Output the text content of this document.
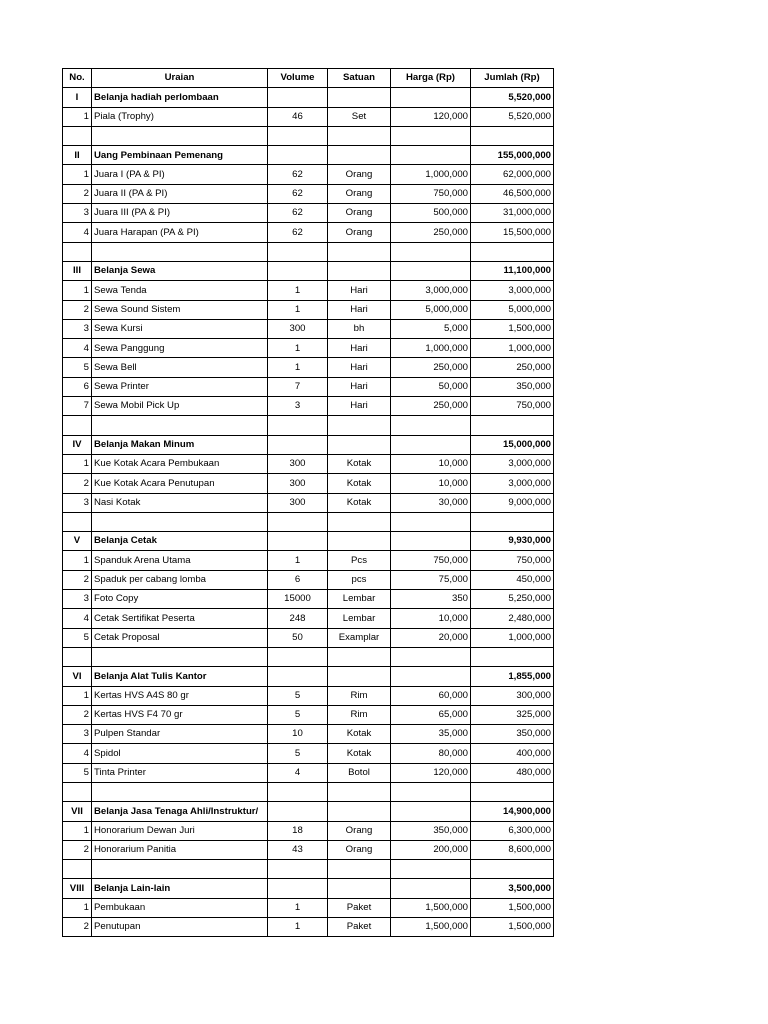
No.	Uraian	Volume	Satuan	Harga (Rp)	Jumlah (Rp)
I	Belanja hadiah perlombaan				5,520,000
1	Piala (Trophy)	46	Set	120,000	5,520,000

II	Uang Pembinaan Pemenang				155,000,000
1	Juara I (PA & PI)	62	Orang	1,000,000	62,000,000
2	Juara II (PA & PI)	62	Orang	750,000	46,500,000
3	Juara III (PA & PI)	62	Orang	500,000	31,000,000
4	Juara Harapan (PA & PI)	62	Orang	250,000	15,500,000

III	Belanja Sewa				11,100,000
1	Sewa Tenda	1	Hari	3,000,000	3,000,000
2	Sewa Sound Sistem	1	Hari	5,000,000	5,000,000
3	Sewa Kursi	300	bh	5,000	1,500,000
4	Sewa Panggung	1	Hari	1,000,000	1,000,000
5	Sewa Bell	1	Hari	250,000	250,000
6	Sewa Printer	7	Hari	50,000	350,000
7	Sewa Mobil Pick Up	3	Hari	250,000	750,000

IV	Belanja Makan Minum				15,000,000
1	Kue Kotak Acara Pembukaan	300	Kotak	10,000	3,000,000
2	Kue Kotak Acara Penutupan	300	Kotak	10,000	3,000,000
3	Nasi Kotak	300	Kotak	30,000	9,000,000

V	Belanja Cetak				9,930,000
1	Spanduk Arena Utama	1	Pcs	750,000	750,000
2	Spaduk per cabang lomba	6	pcs	75,000	450,000
3	Foto Copy	15000	Lembar	350	5,250,000
4	Cetak Sertifikat Peserta	248	Lembar	10,000	2,480,000
5	Cetak Proposal	50	Examplar	20,000	1,000,000

VI	Belanja Alat Tulis Kantor				1,855,000
1	Kertas HVS A4S 80 gr	5	Rim	60,000	300,000
2	Kertas HVS F4 70 gr	5	Rim	65,000	325,000
3	Pulpen Standar	10	Kotak	35,000	350,000
4	Spidol	5	Kotak	80,000	400,000
5	Tinta Printer	4	Botol	120,000	480,000

VII	Belanja Jasa Tenaga Ahli/Instruktur/				14,900,000
1	Honorarium Dewan Juri	18	Orang	350,000	6,300,000
2	Honorarium Panitia	43	Orang	200,000	8,600,000

VIII	Belanja Lain-lain				3,500,000
1	Pembukaan	1	Paket	1,500,000	1,500,000
2	Penutupan	1	Paket	1,500,000	1,500,000
